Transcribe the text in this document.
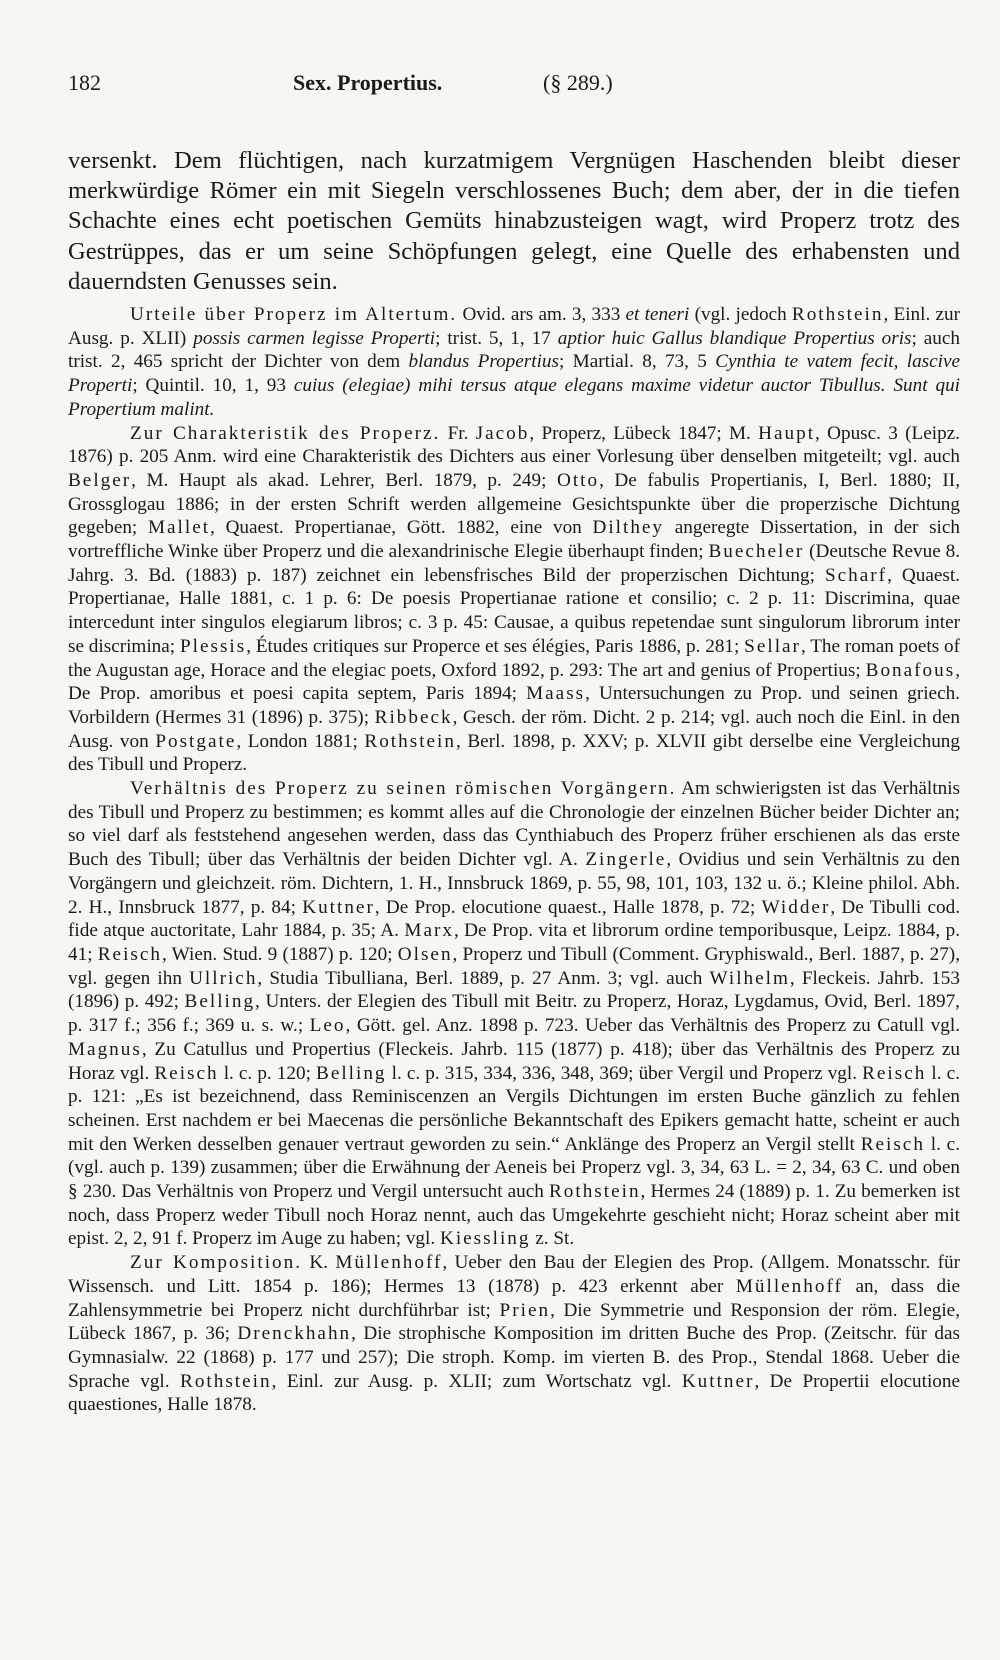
182	Sex. Propertius.	(§ 289.)

versenkt. Dem flüchtigen, nach kurzatmigem Vergnügen Haschenden bleibt dieser merkwürdige Römer ein mit Siegeln verschlossenes Buch; dem aber, der in die tiefen Schachte eines echt poetischen Gemüts hinabzusteigen wagt, wird Properz trotz des Gestrüppes, das er um seine Schöpfungen gelegt, eine Quelle des erhabensten und dauerndsten Genusses sein.

Urteile über Properz im Altertum. Ovid. ars am. 3, 333 et teneri (vgl. jedoch Rothstein, Einl. zur Ausg. p. XLII) possis carmen legisse Properti; trist. 5, 1, 17 aptior huic Gallus blandique Propertius oris; auch trist. 2, 465 spricht der Dichter von dem blandus Propertius; Martial. 8, 73, 5 Cynthia te vatem fecit, lascive Properti; Quintil. 10, 1, 93 cuius (elegiae) mihi tersus atque elegans maxime videtur auctor Tibullus. Sunt qui Propertium malint.

Zur Charakteristik des Properz. Fr. Jacob, Properz, Lübeck 1847; M. Haupt, Opusc. 3 (Leipz. 1876) p. 205 Anm. wird eine Charakteristik des Dichters aus einer Vorlesung über denselben mitgeteilt; vgl. auch Belger, M. Haupt als akad. Lehrer, Berl. 1879, p. 249; Otto, De fabulis Propertianis, I, Berl. 1880; II, Grossglogau 1886; in der ersten Schrift werden allgemeine Gesichtspunkte über die properzische Dichtung gegeben; Mallet, Quaest. Propertianae, Gött. 1882, eine von Dilthey angeregte Dissertation, in der sich vortreffliche Winke über Properz und die alexandrinische Elegie überhaupt finden; Buecheler (Deutsche Revue 8. Jahrg. 3. Bd. (1883) p. 187) zeichnet ein lebensfrisches Bild der properzischen Dichtung; Scharf, Quaest. Propertianae, Halle 1881, c. 1 p. 6: De poesis Propertianae ratione et consilio; c. 2 p. 11: Discrimina, quae intercedunt inter singulos elegiarum libros; c. 3 p. 45: Causae, a quibus repetendae sunt singulorum librorum inter se discrimina; Plessis, Études critiques sur Properce et ses élégies, Paris 1886, p. 281; Sellar, The roman poets of the Augustan age, Horace and the elegiac poets, Oxford 1892, p. 293: The art and genius of Propertius; Bonafous, De Prop. amoribus et poesi capita septem, Paris 1894; Maass, Untersuchungen zu Prop. und seinen griech. Vorbildern (Hermes 31 (1896) p. 375); Ribbeck, Gesch. der röm. Dicht. 2 p. 214; vgl. auch noch die Einl. in den Ausg. von Postgate, London 1881; Rothstein, Berl. 1898, p. XXV; p. XLVII gibt derselbe eine Vergleichung des Tibull und Properz.

Verhältnis des Properz zu seinen römischen Vorgängern. Am schwierigsten ist das Verhältnis des Tibull und Properz zu bestimmen; es kommt alles auf die Chronologie der einzelnen Bücher beider Dichter an; so viel darf als feststehend angesehen werden, dass das Cynthiabuch des Properz früher erschienen als das erste Buch des Tibull; über das Verhältnis der beiden Dichter vgl. A. Zingerle, Ovidius und sein Verhältnis zu den Vorgängern und gleichzeit. röm. Dichtern, 1. H., Innsbruck 1869, p. 55, 98, 101, 103, 132 u. ö.; Kleine philol. Abh. 2. H., Innsbruck 1877, p. 84; Kuttner, De Prop. elocutione quaest., Halle 1878, p. 72; Widder, De Tibulli cod. fide atque auctoritate, Lahr 1884, p. 35; A. Marx, De Prop. vita et librorum ordine temporibusque, Leipz. 1884, p. 41; Reisch, Wien. Stud. 9 (1887) p. 120; Olsen, Properz und Tibull (Comment. Gryphiswald., Berl. 1887, p. 27), vgl. gegen ihn Ullrich, Studia Tibulliana, Berl. 1889, p. 27 Anm. 3; vgl. auch Wilhelm, Fleckeis. Jahrb. 153 (1896) p. 492; Belling, Unters. der Elegien des Tibull mit Beitr. zu Properz, Horaz, Lygdamus, Ovid, Berl. 1897, p. 317 f.; 356 f.; 369 u. s. w.; Leo, Gött. gel. Anz. 1898 p. 723. Ueber das Verhältnis des Properz zu Catull vgl. Magnus, Zu Catullus und Propertius (Fleckeis. Jahrb. 115 (1877) p. 418); über das Verhältnis des Properz zu Horaz vgl. Reisch l. c. p. 120; Belling l. c. p. 315, 334, 336, 348, 369; über Vergil und Properz vgl. Reisch l. c. p. 121: „Es ist bezeichnend, dass Reminiscenzen an Vergils Dichtungen im ersten Buche gänzlich zu fehlen scheinen. Erst nachdem er bei Maecenas die persönliche Bekanntschaft des Epikers gemacht hatte, scheint er auch mit den Werken desselben genauer vertraut geworden zu sein.“ Anklänge des Properz an Vergil stellt Reisch l. c. (vgl. auch p. 139) zusammen; über die Erwähnung der Aeneis bei Properz vgl. 3, 34, 63 L. = 2, 34, 63 C. und oben § 230. Das Verhältnis von Properz und Vergil untersucht auch Rothstein, Hermes 24 (1889) p. 1. Zu bemerken ist noch, dass Properz weder Tibull noch Horaz nennt, auch das Umgekehrte geschieht nicht; Horaz scheint aber mit epist. 2, 2, 91 f. Properz im Auge zu haben; vgl. Kiessling z. St.

Zur Komposition. K. Müllenhoff, Ueber den Bau der Elegien des Prop. (Allgem. Monatsschr. für Wissensch. und Litt. 1854 p. 186); Hermes 13 (1878) p. 423 erkennt aber Müllenhoff an, dass die Zahlensymmetrie bei Properz nicht durchführbar ist; Prien, Die Symmetrie und Responsion der röm. Elegie, Lübeck 1867, p. 36; Drenckhahn, Die strophische Komposition im dritten Buche des Prop. (Zeitschr. für das Gymnasialw. 22 (1868) p. 177 und 257); Die stroph. Komp. im vierten B. des Prop., Stendal 1868. Ueber die Sprache vgl. Rothstein, Einl. zur Ausg. p. XLII; zum Wortschatz vgl. Kuttner, De Propertii elocutione quaestiones, Halle 1878.
